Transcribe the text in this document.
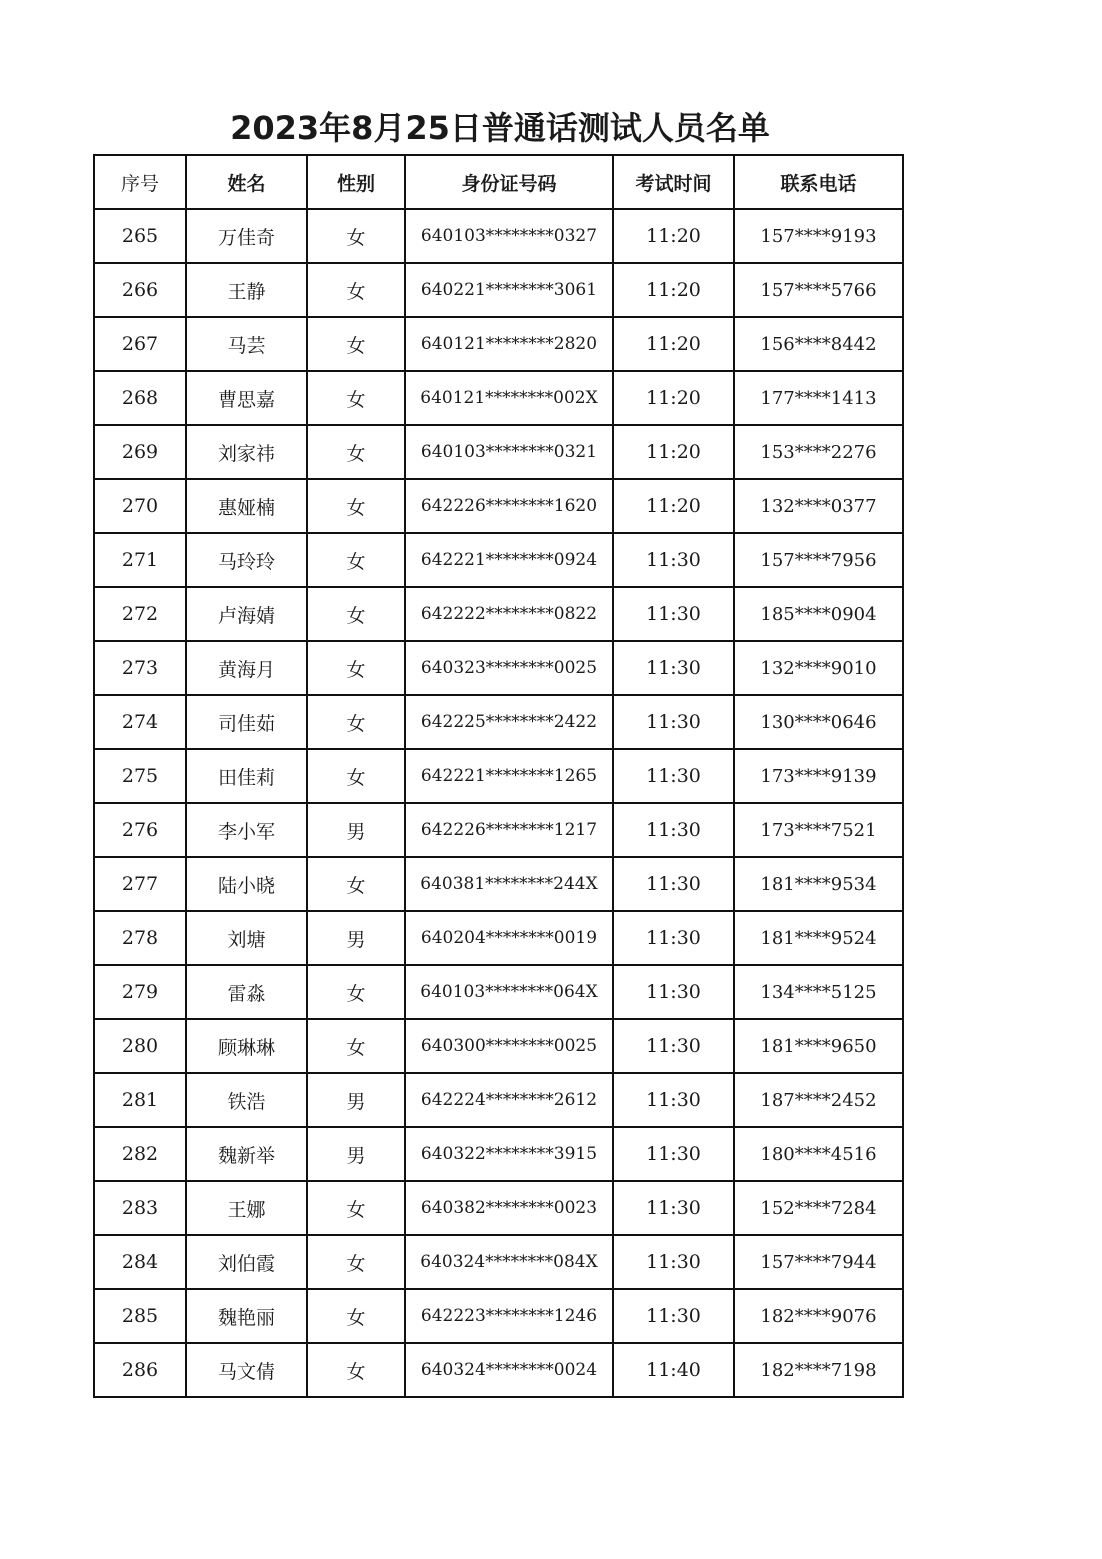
2023年8月25日普通话测试人员名单
序号	姓名	性别	身份证号码	考试时间	联系电话
265	万佳奇	女	640103********0327	11:20	157****9193
266	王静	女	640221********3061	11:20	157****5766
267	马芸	女	640121********2820	11:20	156****8442
268	曹思嘉	女	640121********002X	11:20	177****1413
269	刘家祎	女	640103********0321	11:20	153****2276
270	惠娅楠	女	642226********1620	11:20	132****0377
271	马玲玲	女	642221********0924	11:30	157****7956
272	卢海婧	女	642222********0822	11:30	185****0904
273	黄海月	女	640323********0025	11:30	132****9010
274	司佳茹	女	642225********2422	11:30	130****0646
275	田佳莉	女	642221********1265	11:30	173****9139
276	李小军	男	642226********1217	11:30	173****7521
277	陆小晓	女	640381********244X	11:30	181****9534
278	刘塘	男	640204********0019	11:30	181****9524
279	雷淼	女	640103********064X	11:30	134****5125
280	顾琳琳	女	640300********0025	11:30	181****9650
281	铁浩	男	642224********2612	11:30	187****2452
282	魏新举	男	640322********3915	11:30	180****4516
283	王娜	女	640382********0023	11:30	152****7284
284	刘伯霞	女	640324********084X	11:30	157****7944
285	魏艳丽	女	642223********1246	11:30	182****9076
286	马文倩	女	640324********0024	11:40	182****7198
